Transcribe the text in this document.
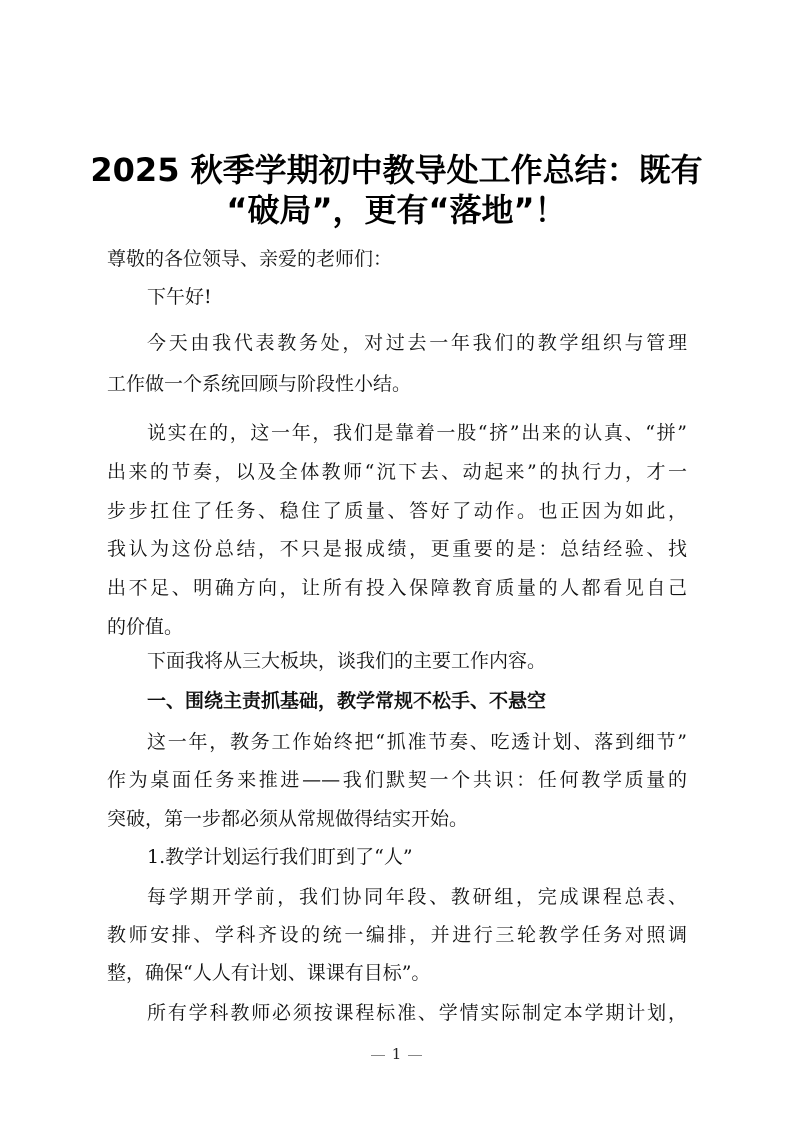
2025 秋季学期初中教导处工作总结：既有
“破局”，更有“落地”！
尊敬的各位领导、亲爱的老师们：
下午好!
今天由我代表教务处，对过去一年我们的教学组织与管理
工作做一个系统回顾与阶段性小结。
说实在的，这一年，我们是靠着一股“挤”出来的认真、“拼”
出来的节奏，以及全体教师“沉下去、动起来”的执行力，才一
步步扛住了任务、稳住了质量、答好了动作。也正因为如此，
我认为这份总结，不只是报成绩，更重要的是：总结经验、找
出不足、明确方向，让所有投入保障教育质量的人都看见自己
的价值。
下面我将从三大板块，谈我们的主要工作内容。
一、围绕主责抓基础，教学常规不松手、不悬空
这一年，教务工作始终把“抓准节奏、吃透计划、落到细节”
作为桌面任务来推进——我们默契一个共识：任何教学质量的
突破，第一步都必须从常规做得结实开始。
1.教学计划运行我们盯到了“人”
每学期开学前，我们协同年段、教研组，完成课程总表、
教师安排、学科齐设的统一编排，并进行三轮教学任务对照调
整，确保“人人有计划、课课有目标”。
所有学科教师必须按课程标准、学情实际制定本学期计划，
1
